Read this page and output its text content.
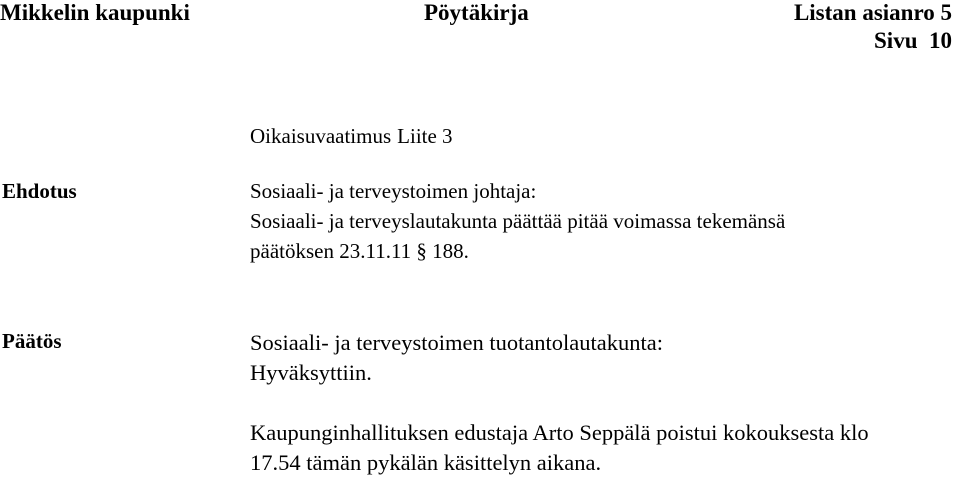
Mikkelin kaupunki	Pöytäkirja	Listan asianro 5
Sivu  10
Oikaisuvaatimus Liite 3
Ehdotus	Sosiaali- ja terveystoimen johtaja:
Sosiaali- ja terveyslautakunta päättää pitää voimassa tekemänsä
päätöksen 23.11.11 § 188.
Päätös	Sosiaali- ja terveystoimen tuotantolautakunta:
Hyväksyttiin.
Kaupunginhallituksen edustaja Arto Seppälä poistui kokouksesta klo
17.54 tämän pykälän käsittelyn aikana.
